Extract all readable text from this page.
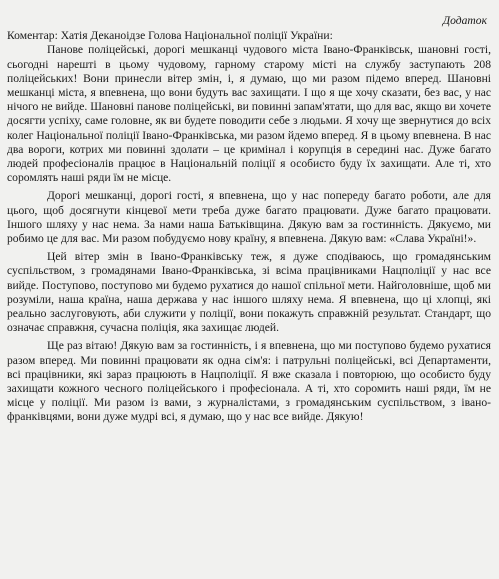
Додаток
Коментар: Хатія Деканоідзе Голова Національної поліції України:

Панове поліцейські, дорогі мешканці чудового міста Івано-Франківськ, шановні гості, сьогодні нарешті в цьому чудовому, гарному старому місті на службу заступають 208 поліцейських! Вони принесли вітер змін, і, я думаю, що ми разом підемо вперед. Шановні мешканці міста, я впевнена, що вони будуть вас захищати. І що я ще хочу сказати, без вас, у нас нічого не вийде. Шановні панове поліцейські, ви повинні запам'ятати, що для вас, якщо ви хочете досягти успіху, саме головне, як ви будете поводити себе з людьми. Я хочу ще звернутися до всіх колег Національної поліції Івано-Франківська, ми разом йдемо вперед. Я в цьому впевнена. В нас два вороги, котрих ми повинні здолати – це кримінал і корупція в середині нас. Дуже багато людей професіоналів працює в Національній поліції я особисто буду їх захищати. Але ті, хто соромлять наші ряди їм не місце.

Дорогі мешканці, дорогі гості, я впевнена, що у нас попереду багато роботи, але для цього, щоб досягнути кінцевої мети треба дуже багато працювати. Дуже багато працювати. Іншого шляху у нас нема. За нами наша Батьківщина. Дякую вам за гостинність. Дякуємо, ми робимо це для вас. Ми разом побудуємо нову країну, я впевнена. Дякую вам: «Слава Україні!».

Цей вітер змін в Івано-Франківську теж, я дуже сподіваюсь, що громадянським суспільством, з громадянами Івано-Франківська, зі всіма працівниками Нацполіції у нас все вийде. Поступово, поступово ми будемо рухатися до нашої спільної мети. Найголовніше, щоб ми розуміли, наша країна, наша держава у нас іншого шляху нема. Я впевнена, що ці хлопці, які реально заслуговують, аби служити у поліції, вони покажуть справжній результат. Стандарт, що означає справжня, сучасна поліція, яка захищає людей.

Ще раз вітаю! Дякую вам за гостинність, і я впевнена, що ми поступово будемо рухатися разом вперед. Ми повинні працювати як одна сім'я: і патрульні поліцейські, всі Департаменти, всі працівники, які зараз працюють в Нацполіції. Я вже сказала і повторюю, що особисто буду захищати кожного чесного поліцейського і професіонала. А ті, хто соромить наші ряди, їм не місце у поліції. Ми разом із вами, з журналістами, з громадянським суспільством, з івано-франківцями, вони дуже мудрі всі, я думаю, що у нас все вийде. Дякую!
